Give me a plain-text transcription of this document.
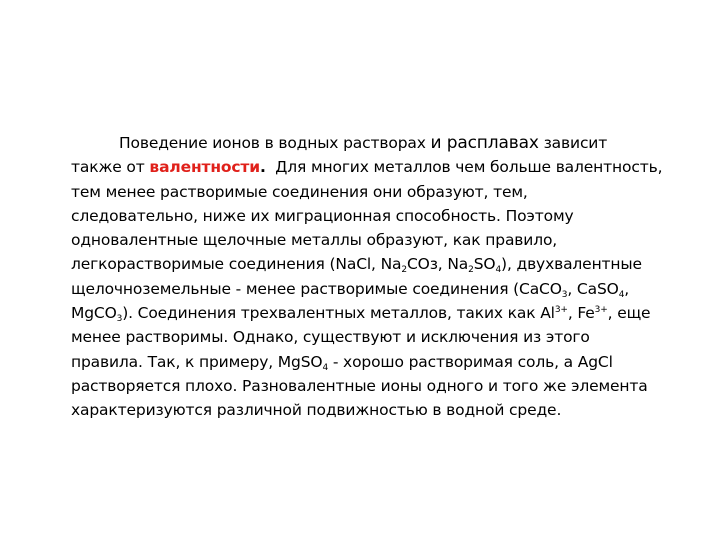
Поведение ионов в водных растворах и расплавах зависит
также от валентности.  Для многих металлов чем больше валентность,
тем менее растворимые соединения они образуют, тем,
следовательно, ниже их миграционная способность. Поэтому
одновалентные щелочные металлы образуют, как правило,
легкорастворимые соединения (NaCl, $Na_2COз$, $Na_2SO_4$), двухвалентные
щелочноземельные - менее растворимые соединения (CaCO$_3$, CaSO$_4$,
MgCO$_3$). Соединения трехвалентных металлов, таких как $Al^{3+}$, $Fe^{3+}$, еще
менее растворимы. Однако, существуют и исключения из этого
правила. Так, к примеру, MgSO$_4$ - хорошо растворимая соль, а AgCl
растворяется плохо. Разновалентные ионы одного и того же элемента
характеризуются различной подвижностью в водной среде.
